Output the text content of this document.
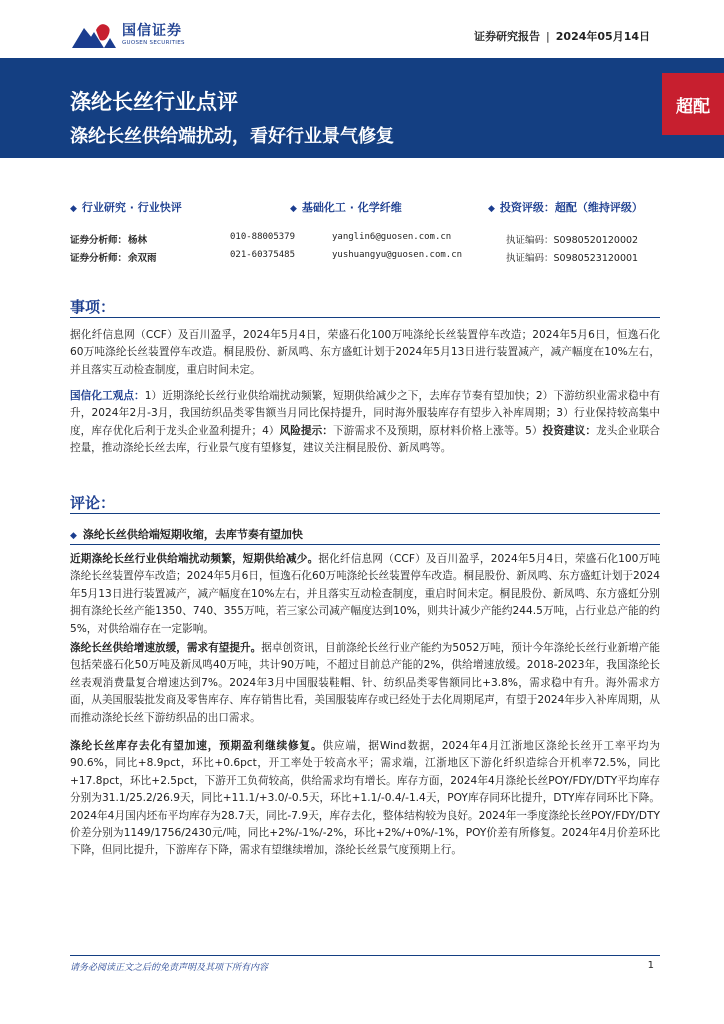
国信证券
GUOSEN SECURITIES	证券研究报告 | 2024年05月14日
涤纶长丝行业点评
涤纶长丝供给端扰动，看好行业景气修复
超配
◆ 行业研究 · 行业快评	◆ 基础化工 · 化学纤维	◆ 投资评级：超配（维持评级）
证券分析师： 杨林	010-88005379	yanglin6@guosen.com.cn	执证编码：S0980520120002
证券分析师： 余双雨	021-60375485	yushuangyu@guosen.com.cn	执证编码：S0980523120001
事项：
据化纤信息网（CCF）及百川盈孚，2024年5月4日，荣盛石化100万吨涤纶长丝装置停车改造；2024年5月6日，恒逸石化60万吨涤纶长丝装置停车改造。桐昆股份、新凤鸣、东方盛虹计划于2024年5月13日进行装置减产，减产幅度在10%左右，并且落实互动检查制度，重启时间未定。
国信化工观点：1）近期涤纶长丝行业供给端扰动频繁，短期供给减少之下，去库存节奏有望加快；2）下游纺织业需求稳中有升，2024年2月-3月，我国纺织品类零售额当月同比保持提升，同时海外服装库存有望步入补库周期；3）行业保持较高集中度，库存优化后利于龙头企业盈利提升；4）风险提示：下游需求不及预期，原材料价格上涨等。5）投资建议：龙头企业联合控量，推动涤纶长丝去库，行业景气度有望修复，建议关注桐昆股份、新凤鸣等。
评论：
◆ 涤纶长丝供给端短期收缩，去库节奏有望加快
近期涤纶长丝行业供给端扰动频繁，短期供给减少。据化纤信息网（CCF）及百川盈孚，2024年5月4日，荣盛石化100万吨涤纶长丝装置停车改造；2024年5月6日，恒逸石化60万吨涤纶长丝装置停车改造。桐昆股份、新凤鸣、东方盛虹计划于2024年5月13日进行装置减产，减产幅度在10%左右，并且落实互动检查制度，重启时间未定。桐昆股份、新凤鸣、东方盛虹分别拥有涤纶长丝产能1350、740、355万吨，若三家公司减产幅度达到10%，则共计减少产能约244.5万吨，占行业总产能的约5%，对供给端存在一定影响。
涤纶长丝供给增速放缓，需求有望提升。据卓创资讯，目前涤纶长丝行业产能约为5052万吨，预计今年涤纶长丝行业新增产能包括荣盛石化50万吨及新凤鸣40万吨，共计90万吨，不超过目前总产能的2%，供给增速放缓。2018-2023年，我国涤纶长丝表观消费量复合增速达到7%。2024年3月中国服装鞋帽、针、纺织品类零售额同比+3.8%，需求稳中有升。海外需求方面，从美国服装批发商及零售库存、库存销售比看，美国服装库存或已经处于去化周期尾声，有望于2024年步入补库周期，从而推动涤纶长丝下游纺织品的出口需求。
涤纶长丝库存去化有望加速，预期盈利继续修复。供应端，据Wind数据，2024年4月江浙地区涤纶长丝开工率平均为90.6%，同比+8.9pct，环比+0.6pct，开工率处于较高水平；需求端，江浙地区下游化纤织造综合开机率72.5%，同比+17.8pct，环比+2.5pct，下游开工负荷较高，供给需求均有增长。库存方面，2024年4月涤纶长丝POY/FDY/DTY平均库存分别为31.1/25.2/26.9天，同比+11.1/+3.0/-0.5天，环比+1.1/-0.4/-1.4天，POY库存同环比提升，DTY库存同环比下降。2024年4月国内坯布平均库存为28.7天，同比-7.9天，库存去化，整体结构较为良好。2024年一季度涤纶长丝POY/FDY/DTY价差分别为1149/1756/2430元/吨，同比+2%/-1%/-2%，环比+2%/+0%/-1%，POY价差有所修复。2024年4月价差环比下降，但同比提升，下游库存下降，需求有望继续增加，涤纶长丝景气度预期上行。
请务必阅读正文之后的免责声明及其项下所有内容	1
